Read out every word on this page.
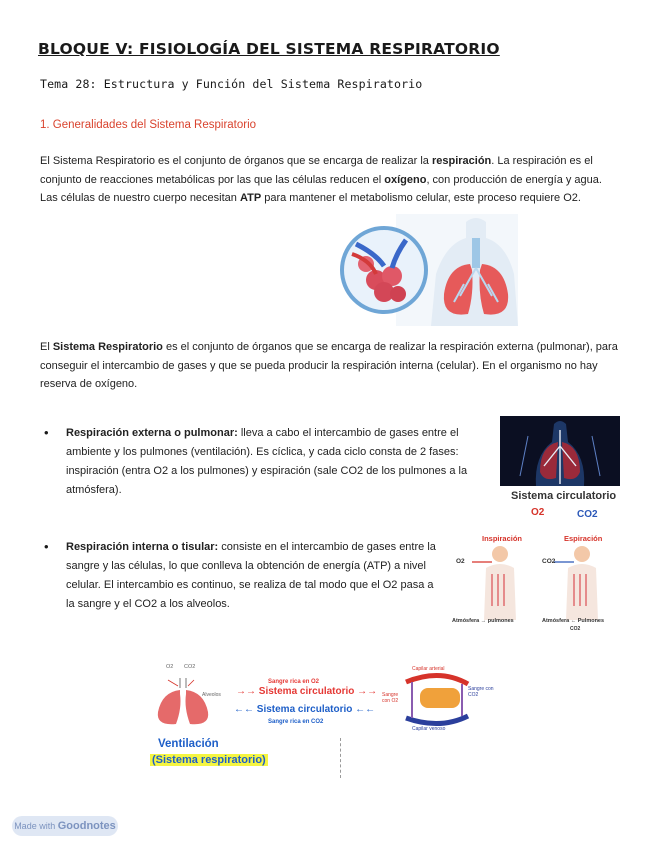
BLOQUE V: FISIOLOGÍA DEL SISTEMA RESPIRATORIO
Tema 28: Estructura y Función del Sistema Respiratorio
1. Generalidades del Sistema Respiratorio
El Sistema Respiratorio es el conjunto de órganos que se encarga de realizar la respiración. La respiración es el conjunto de reacciones metabólicas por las que las células reducen el oxígeno, con producción de energía y agua. Las células de nuestro cuerpo necesitan ATP para mantener el metabolismo celular, este proceso requiere O2.
El Sistema Respiratorio es el conjunto de órganos que se encarga de realizar la respiración externa (pulmonar), para conseguir el intercambio de gases y que se pueda producir la respiración interna (celular). En el organismo no hay reserva de oxígeno.
• Respiración externa o pulmonar: lleva a cabo el intercambio de gases entre el ambiente y los pulmones (ventilación). Es cíclica, y cada ciclo consta de 2 fases: inspiración (entra O2 a los pulmones) y espiración (sale CO2 de los pulmones a la atmósfera).	Sistema circulatorio
O2	CO2
• Respiración interna o tisular: consiste en el intercambio de gases entre la sangre y las células, lo que conlleva la obtención de energía (ATP) a nivel celular. El intercambio es continuo, se realiza de tal modo que el O2 pasa a la sangre y el CO2 a los alveolos.
Inspiración	Espiración
O2	CO2
Atmósfera → pulmones	Atmósfera ← Pulmones
CO2
O2 CO2
Alveolos
Sangre rica en O2
→→ Sistema circulatorio →→
←← Sistema circulatorio ←←
Sangre rica en CO2
Capilar arterial
Capilar venoso
Sangre con O2
Sangre con CO2
Ventilación
(Sistema respiratorio)
Made with Goodnotes
